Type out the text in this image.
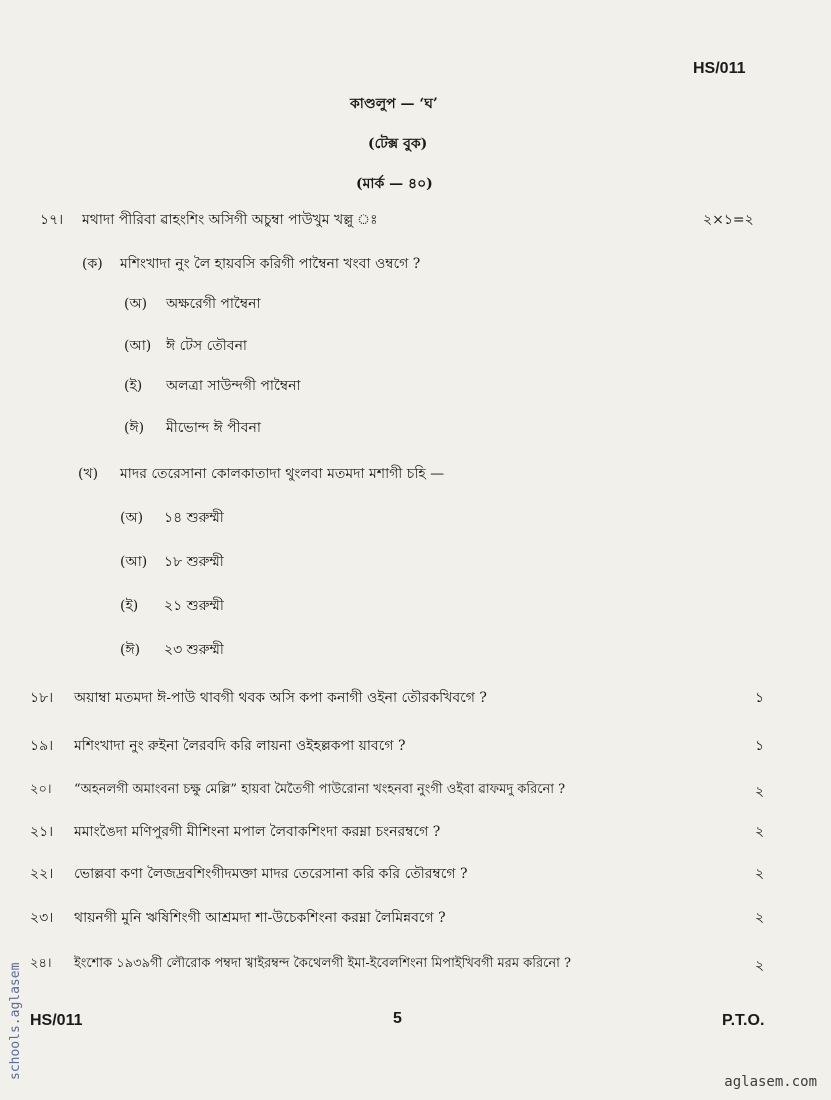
HS/011
কাণ্ডলুপ — ‘ঘ’
(টেক্স বুক)
(মার্ক — ৪০)
১৭। মথাদা পীরিবা ৱাহংশিং অসিগী অচুম্বা পাউখুম খল্লু ঃ	২×১=২
(ক) মশিংখাদা নুং লৈ হায়বসি করিগী পাম্বৈনা খংবা ওম্বগে ?
(অ) অক্ষরেগী পাম্বৈনা
(আ) ঈ টেস তৌবনা
(ই) অলত্রা সাউন্দগী পাম্বৈনা
(ঈ) মীভোন্দ ঈ পীবনা
(খ) মাদর তেরেসানা কোলকাতাদা থুংলবা মতমদা মশাগী চহি —
(অ) ১৪ শুরুম্মী
(আ) ১৮ শুরুম্মী
(ই) ২১ শুরুম্মী
(ঈ) ২৩ শুরুম্মী
১৮। অয়াম্বা মতমদা ঈ-পাউ থাবগী থবক অসি কপা কনাগী ওইনা তৌরকখিবগে ?	১
১৯। মশিংখাদা নুং রুইনা লৈরবদি করি লায়না ওইহল্লকপা য়াবগে ?	১
২০। “অহনলগী অমাংবনা চক্ষু মেল্লি” হায়বা মৈতৈগী পাউরোনা খংহনবা নুংগী ওইবা ৱাফমদু করিনো ?	২
২১। মমাংঙৈদা মণিপুরগী মীশিংনা মপাল লৈবাকশিংদা করম্না চংনরম্বগে ?	২
২২। ভোল্লবা কণা লৈজদ্রবশিংগীদমক্তা মাদর তেরেসানা করি করি তৌরম্বগে ?	২
২৩। থায়নগী মুনি ঋষিশিংগী আশ্রমদা শা-উচেকশিংনা করম্না লৈমিন্নবগে ?	২
২৪। ইংশোক ১৯৩৯গী লৌরোক পম্বদা খ্বাইরম্বন্দ কৈথেলগী ইমা-ইবেলশিংনা মিপাইখিবগী মরম করিনো ?	২
HS/011	5	P.T.O.
schools.aglasem
aglasem.com
